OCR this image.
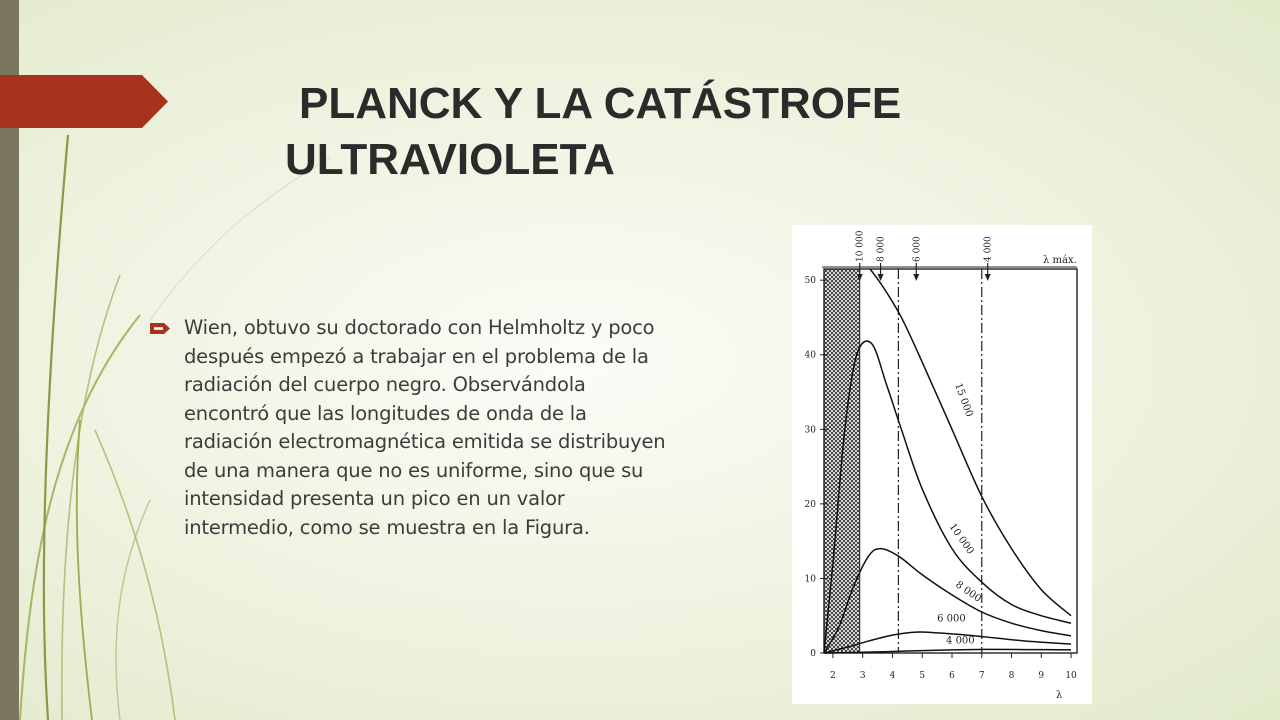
PLANCK Y LA CATÁSTROFE
ULTRAVIOLETA

Wien, obtuvo su doctorado con Helmholtz y poco después empezó a trabajar en el problema de la radiación del cuerpo negro. Observándola encontró que las longitudes de onda de la radiación electromagnética emitida se distribuyen de una manera que no es uniforme, sino que su intensidad presenta un pico en un valor intermedio, como se muestra en la Figura.

0
10
20
30
40
50
2	3	4	5	6	7	8	9 10
λ
10 000 8 000	6 000	4 000	λ máx.
15 000
10 000
8 000
6 000
4 000
